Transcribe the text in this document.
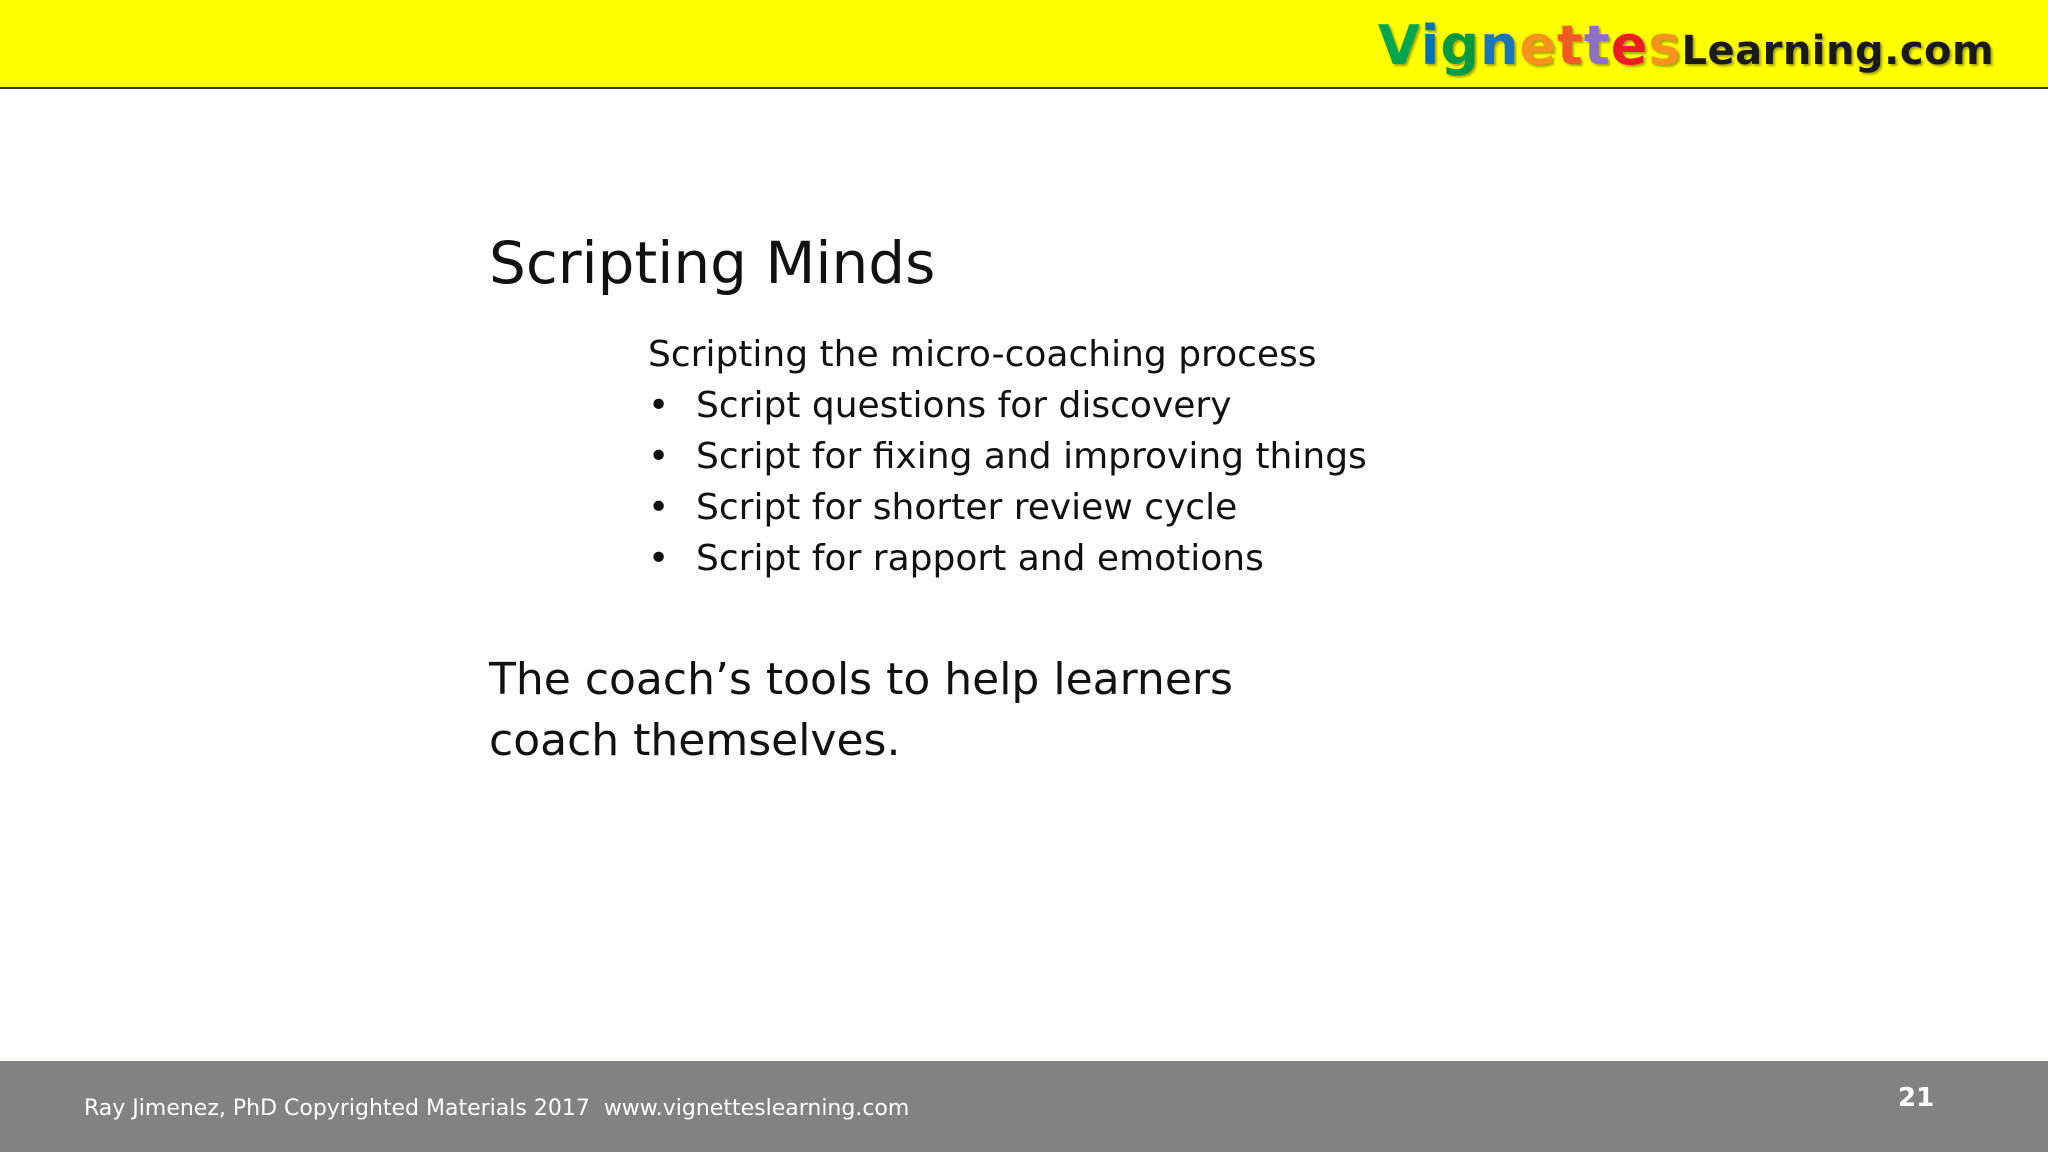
VignettesLearning.com
Scripting Minds

Scripting the micro-coaching process

• Script questions for discovery
• Script for fixing and improving things
• Script for shorter review cycle
• Script for rapport and emotions

The coach’s tools to help learners coach themselves.

Ray Jimenez, PhD Copyrighted Materials 2017  www.vignetteslearning.com	21
